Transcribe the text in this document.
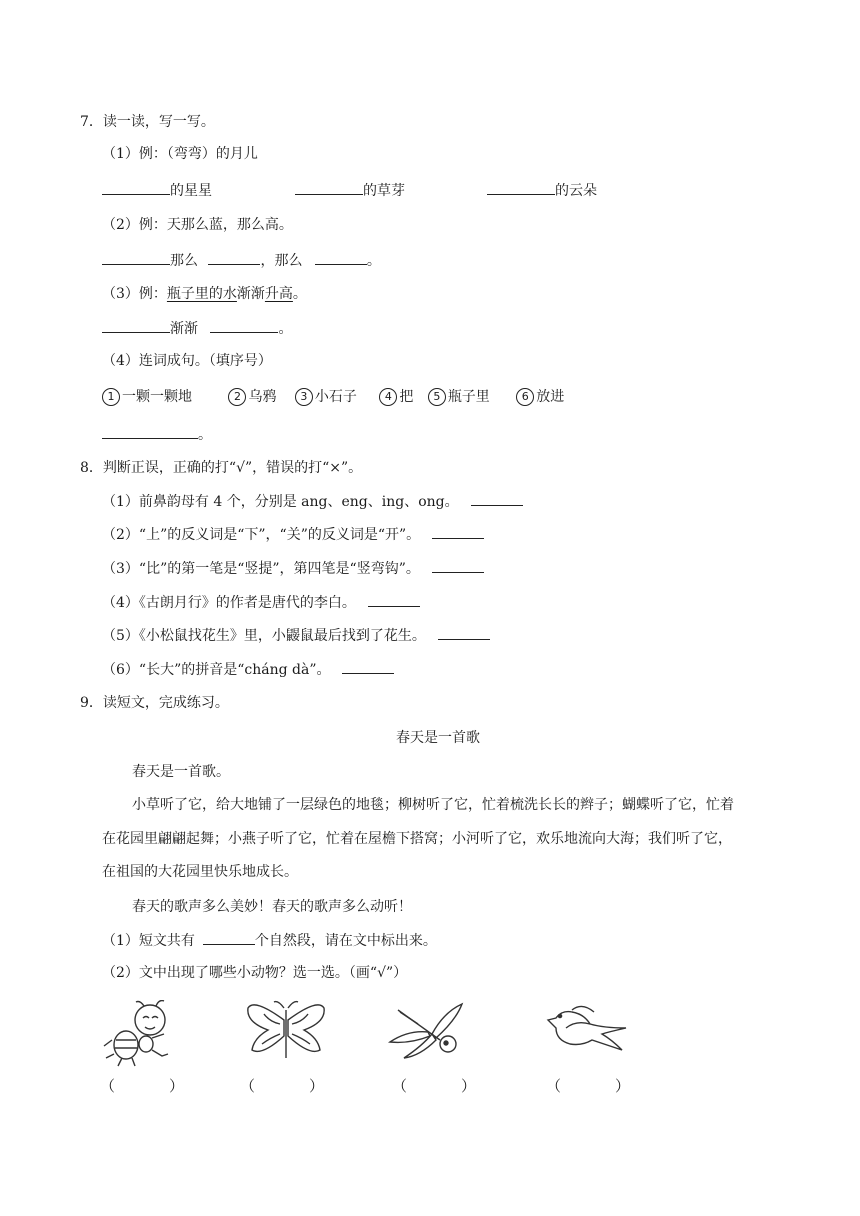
7．读一读，写一写。
（1）例：（弯弯）的月儿
的星星	的草芽	的云朵
（2）例：天那么蓝，那么高。
那么	，那么	。
（3）例：瓶子里的水渐渐升高。
渐渐	。
（4）连词成句。（填序号）
1 一颗一颗地	2 乌鸦 3 小石子	4 把 5 瓶子里	6 放进
。
8．判断正误，正确的打“√”，错误的打“×”。
（1）前鼻韵母有 4 个，分别是 ang、eng、ing、ong。
（2）“上”的反义词是“下”，“关”的反义词是“开”。
（3）“比”的第一笔是“竖提”，第四笔是“竖弯钩”。
（4）《古朗月行》的作者是唐代的李白。
（5）《小松鼠找花生》里，小鼹鼠最后找到了花生。
（6）“长大”的拼音是“cháng dà”。
9．读短文，完成练习。
春天是一首歌
春天是一首歌。
小草听了它，给大地铺了一层绿色的地毯；柳树听了它，忙着梳洗长长的辫子；蝴蝶听了它，忙着
在花园里翩翩起舞；小燕子听了它，忙着在屋檐下搭窝；小河听了它，欢乐地流向大海；我们听了它，
在祖国的大花园里快乐地成长。
春天的歌声多么美妙！春天的歌声多么动听！
（1）短文共有	个自然段，请在文中标出来。
（2）文中出现了哪些小动物？选一选。（画“√”）
（	）	（	）	（	）	（	）
